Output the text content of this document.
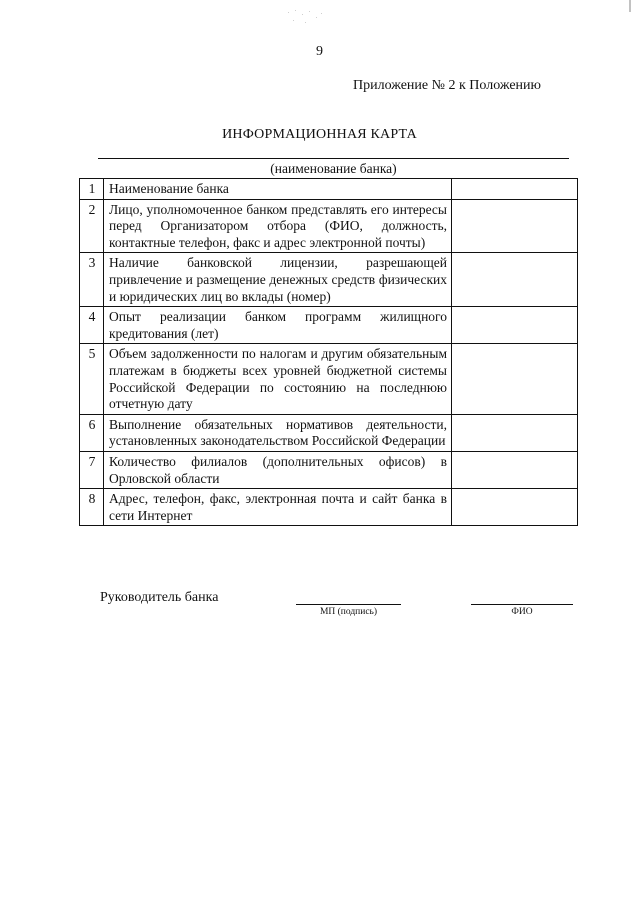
9
Приложение № 2 к Положению
ИНФОРМАЦИОННАЯ КАРТА
(наименование банка)
1	Наименование банка	
2	Лицо, уполномоченное банком представлять его интересы перед Организатором отбора (ФИО, должность, контактные телефон, факс и адрес электронной почты)	
3	Наличие банковской лицензии, разрешающей привлечение и размещение денежных средств физических и юридических лиц во вклады (номер)	
4	Опыт реализации банком программ жилищного кредитования (лет)	
5	Объем задолженности по налогам и другим обязательным платежам в бюджеты всех уровней бюджетной системы Российской Федерации по состоянию на последнюю отчетную дату	
6	Выполнение обязательных нормативов деятельности, установленных законодательством Российской Федерации	
7	Количество филиалов (дополнительных офисов) в Орловской области	
8	Адрес, телефон, факс, электронная почта и сайт банка в сети Интернет	
Руководитель банка
МП (подпись)	ФИО
